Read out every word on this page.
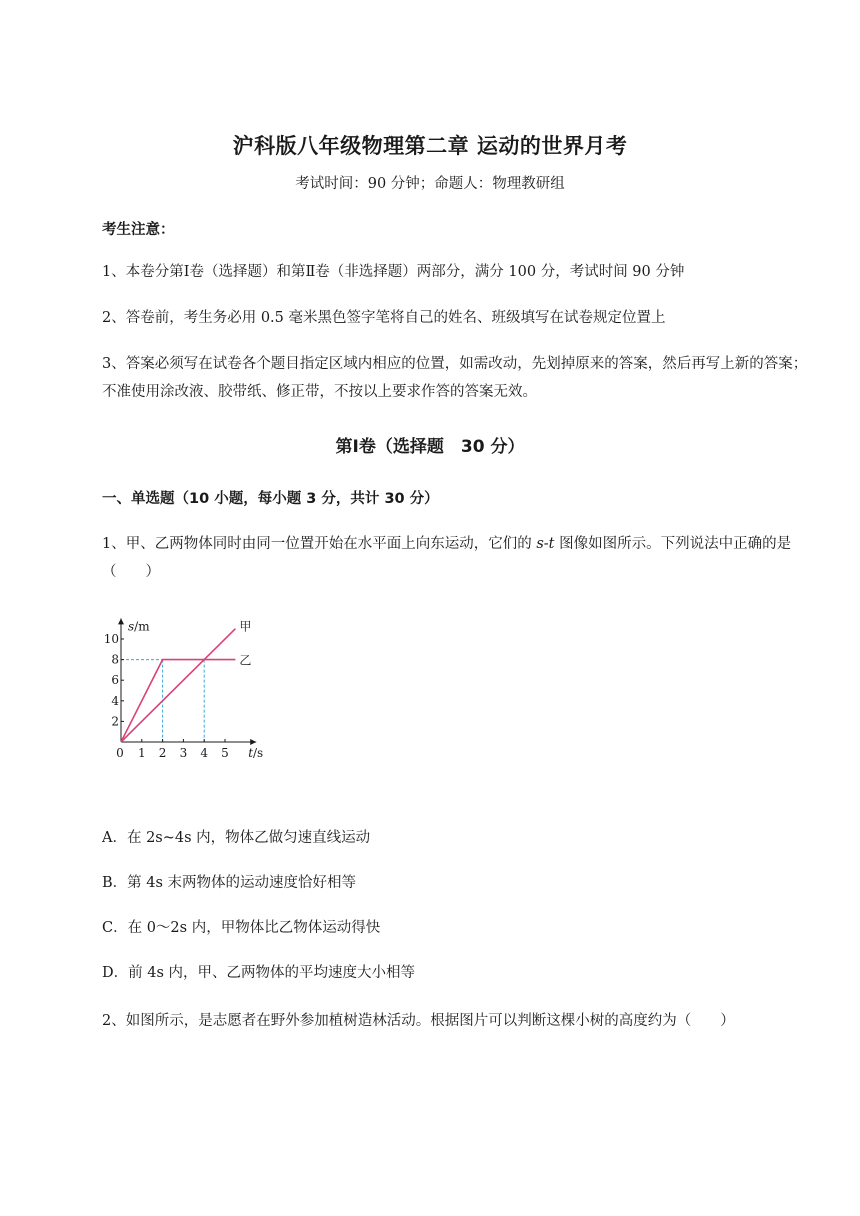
沪科版八年级物理第二章 运动的世界月考
考试时间：90 分钟；命题人：物理教研组
考生注意：
1、本卷分第Ⅰ卷（选择题）和第Ⅱ卷（非选择题）两部分，满分 100 分，考试时间 90 分钟
2、答卷前，考生务必用 0.5 毫米黑色签字笔将自己的姓名、班级填写在试卷规定位置上
3、答案必须写在试卷各个题目指定区域内相应的位置，如需改动，先划掉原来的答案，然后再写上新的答案；不准使用涂改液、胶带纸、修正带，不按以上要求作答的答案无效。
第Ⅰ卷（选择题　30 分）
一、单选题（10 小题，每小题 3 分，共计 30 分）
1、甲、乙两物体同时由同一位置开始在水平面上向东运动，它们的 s-t 图像如图所示。下列说法中正确的是（　　）
0 1 2 3 4 5
2
4
6
8
10
甲
乙
s/m
t/s
A．在 2s~4s 内，物体乙做匀速直线运动
B．第 4s 末两物体的运动速度恰好相等
C．在 0～2s 内，甲物体比乙物体运动得快
D．前 4s 内，甲、乙两物体的平均速度大小相等
2、如图所示，是志愿者在野外参加植树造林活动。根据图片可以判断这棵小树的高度约为（　　）
